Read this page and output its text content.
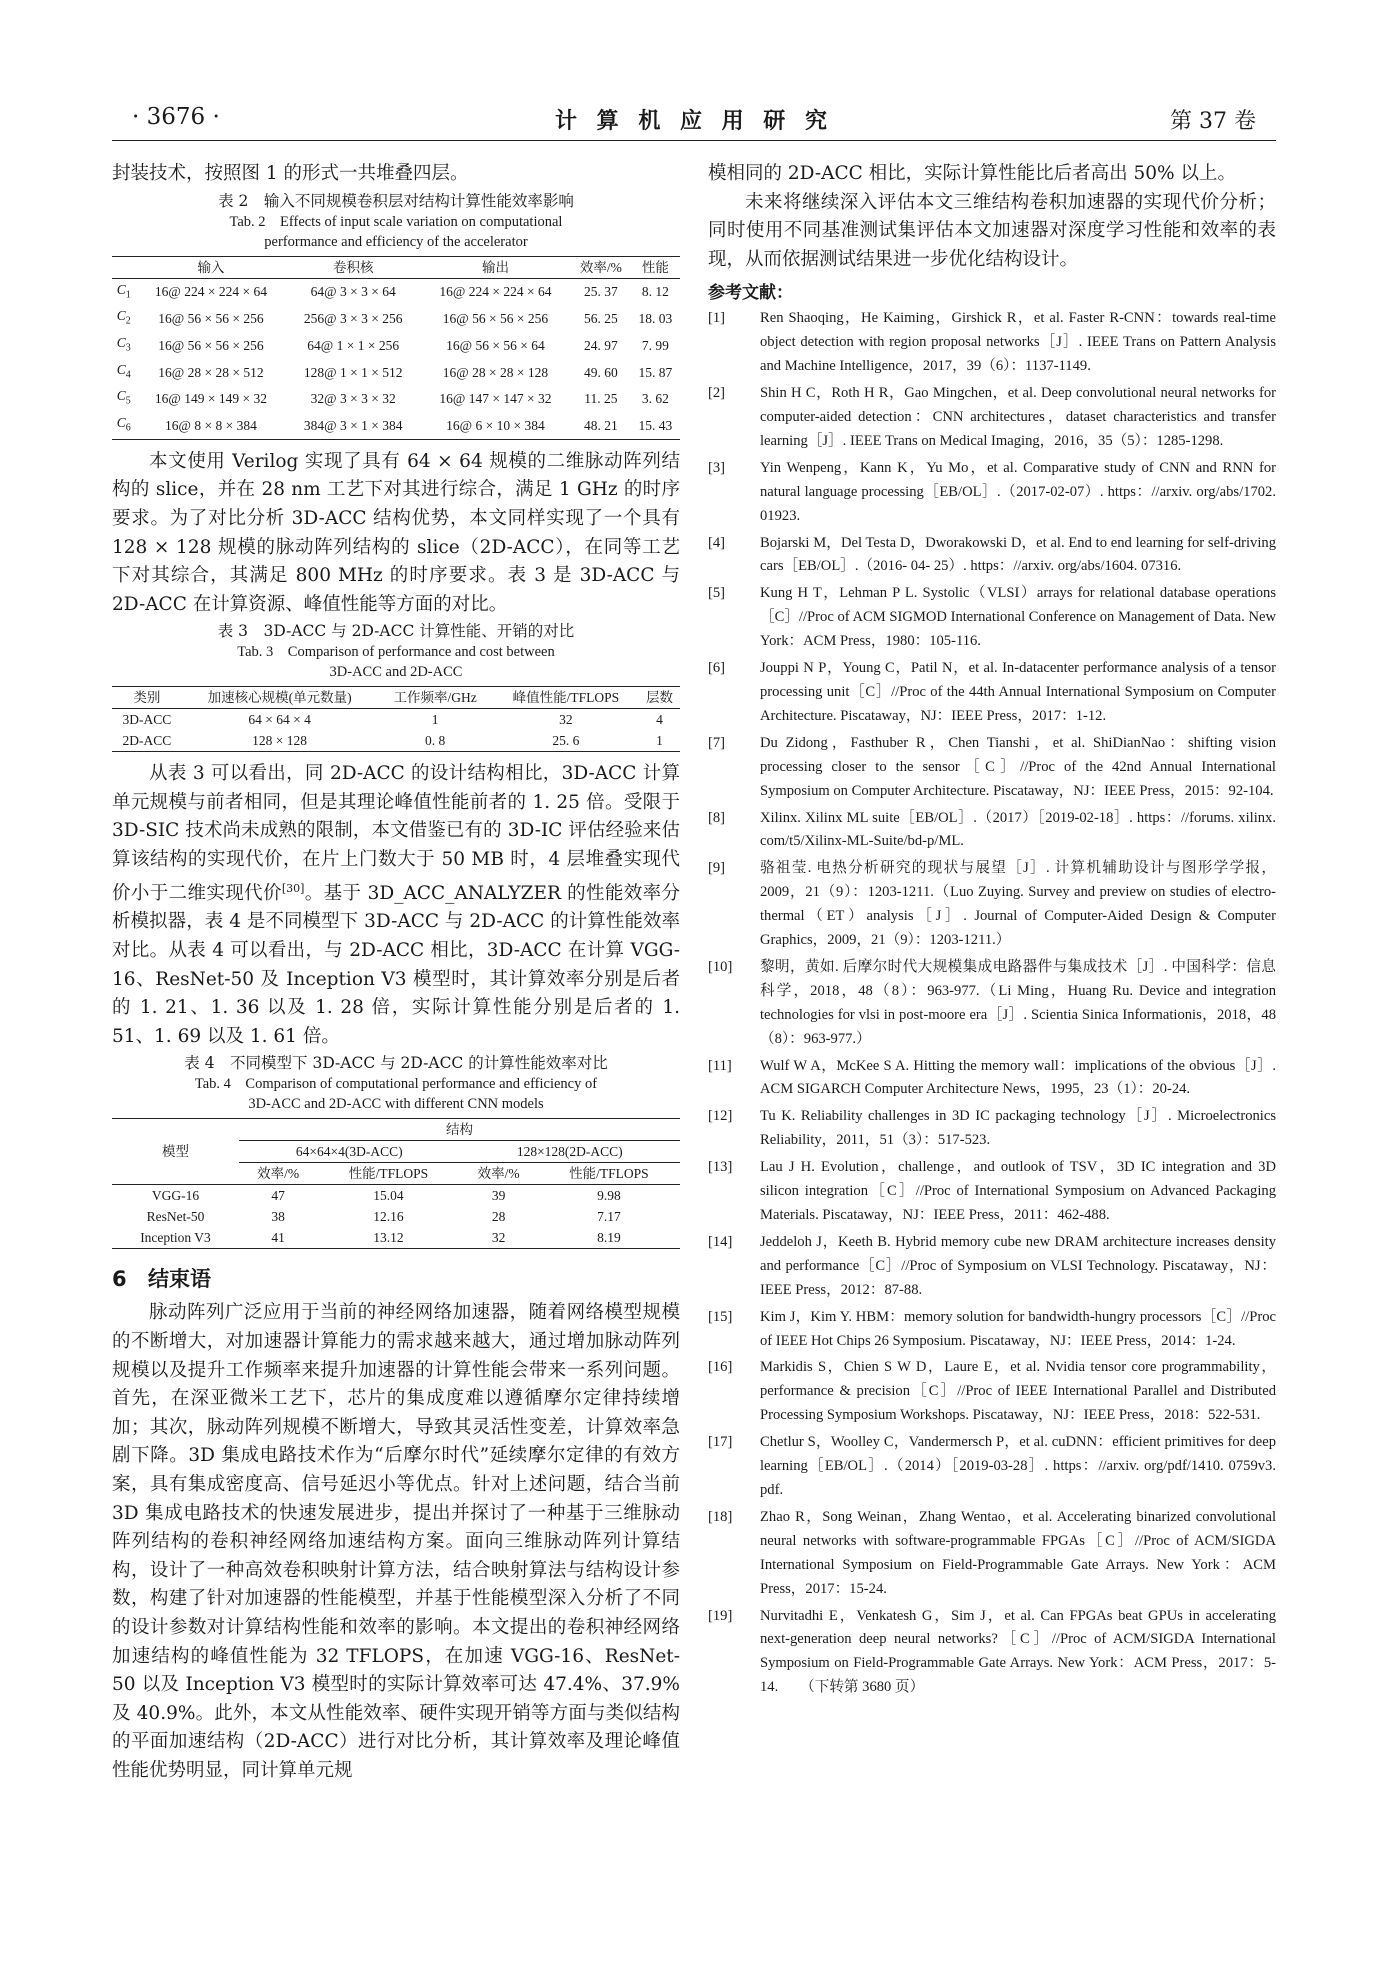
· 3676 ·	计 算 机 应 用 研 究	第 37 卷

封装技术，按照图 1 的形式一共堆叠四层。

表 2　输入不同规模卷积层对结构计算性能效率影响
Tab. 2　Effects of input scale variation on computational
performance and efficiency of the accelerator
	输入	卷积核	输出	效率/%	性能
$C_1$	16@ 224 × 224 × 64	64@ 3 × 3 × 64	16@ 224 × 224 × 64	25. 37	8. 12
$C_2$	16@ 56 × 56 × 256	256@ 3 × 3 × 256	16@ 56 × 56 × 256	56. 25	18. 03
$C_3$	16@ 56 × 56 × 256	64@ 1 × 1 × 256	16@ 56 × 56 × 64	24. 97	7. 99
$C_4$	16@ 28 × 28 × 512	128@ 1 × 1 × 512	16@ 28 × 28 × 128	49. 60	15. 87
$C_5$	16@ 149 × 149 × 32	32@ 3 × 3 × 32	16@ 147 × 147 × 32	11. 25	3. 62
$C_6$	16@ 8 × 8 × 384	384@ 3 × 1 × 384	16@ 6 × 10 × 384	48. 21	15. 43

本文使用 Verilog 实现了具有 64 × 64 规模的二维脉动阵列结构的 slice，并在 28 nm 工艺下对其进行综合，满足 1 GHz 的时序要求。为了对比分析 3D-ACC 结构优势，本文同样实现了一个具有 128 × 128 规模的脉动阵列结构的 slice（2D-ACC），在同等工艺下对其综合，其满足 800 MHz 的时序要求。表 3 是 3D-ACC 与 2D-ACC 在计算资源、峰值性能等方面的对比。

表 3　3D-ACC 与 2D-ACC 计算性能、开销的对比
Tab. 3　Comparison of performance and cost between
3D-ACC and 2D-ACC
类别	加速核心规模(单元数量)	工作频率/GHz	峰值性能/TFLOPS	层数
3D-ACC	64 × 64 × 4	1	32	4
2D-ACC	128 × 128	0. 8	25. 6	1

从表 3 可以看出，同 2D-ACC 的设计结构相比，3D-ACC 计算单元规模与前者相同，但是其理论峰值性能前者的 1. 25 倍。受限于 3D-SIC 技术尚未成熟的限制，本文借鉴已有的 3D-IC 评估经验来估算该结构的实现代价，在片上门数大于 50 MB 时，4 层堆叠实现代价小于二维实现代价[30]。基于 3D_ACC_ANALYZER 的性能效率分析模拟器，表 4 是不同模型下 3D-ACC 与 2D-ACC 的计算性能效率对比。从表 4 可以看出，与 2D-ACC 相比，3D-ACC 在计算 VGG-16、ResNet-50 及 Inception V3 模型时，其计算效率分别是后者的 1. 21、1. 36 以及 1. 28 倍，实际计算性能分别是后者的 1. 51、1. 69 以及 1. 61 倍。

表 4　不同模型下 3D-ACC 与 2D-ACC 的计算性能效率对比
Tab. 4　Comparison of computational performance and efficiency of
3D-ACC and 2D-ACC with different CNN models
模型	结构			
	64×64×4(3D-ACC)		128×128(2D-ACC)	
	效率/%	性能/TFLOPS	效率/%	性能/TFLOPS
VGG-16	47	15.04	39	9.98
ResNet-50	38	12.16	28	7.17
Inception V3	41	13.12	32	8.19
6 结束语

脉动阵列广泛应用于当前的神经网络加速器，随着网络模型规模的不断增大，对加速器计算能力的需求越来越大，通过增加脉动阵列规模以及提升工作频率来提升加速器的计算性能会带来一系列问题。首先，在深亚微米工艺下，芯片的集成度难以遵循摩尔定律持续增加；其次，脉动阵列规模不断增大，导致其灵活性变差，计算效率急剧下降。3D 集成电路技术作为“后摩尔时代”延续摩尔定律的有效方案，具有集成密度高、信号延迟小等优点。针对上述问题，结合当前 3D 集成电路技术的快速发展进步，提出并探讨了一种基于三维脉动阵列结构的卷积神经网络加速结构方案。面向三维脉动阵列计算结构，设计了一种高效卷积映射计算方法，结合映射算法与结构设计参数，构建了针对加速器的性能模型，并基于性能模型深入分析了不同的设计参数对计算结构性能和效率的影响。本文提出的卷积神经网络加速结构的峰值性能为 32 TFLOPS，在加速 VGG-16、ResNet-50 以及 Inception V3 模型时的实际计算效率可达 47.4%、37.9% 及 40.9%。此外，本文从性能效率、硬件实现开销等方面与类似结构的平面加速结构（2D-ACC）进行对比分析，其计算效率及理论峰值性能优势明显，同计算单元规

模相同的 2D-ACC 相比，实际计算性能比后者高出 50% 以上。

未来将继续深入评估本文三维结构卷积加速器的实现代价分析；同时使用不同基准测试集评估本文加速器对深度学习性能和效率的表现，从而依据测试结果进一步优化结构设计。

参考文献：
[1]	Ren Shaoqing，He Kaiming，Girshick R，et al. Faster R-CNN：towards real-time object detection with region proposal networks［J］. IEEE Trans on Pattern Analysis and Machine Intelligence，2017，39（6）：1137-1149.
[2]	Shin H C，Roth H R，Gao Mingchen，et al. Deep convolutional neural networks for computer-aided detection：CNN architectures，dataset characteristics and transfer learning［J］. IEEE Trans on Medical Imaging，2016，35（5）：1285-1298.
[3]	Yin Wenpeng，Kann K，Yu Mo，et al. Comparative study of CNN and RNN for natural language processing［EB/OL］.（2017-02-07）. https：//arxiv. org/abs/1702. 01923.
[4]	Bojarski M，Del Testa D，Dworakowski D，et al. End to end learning for self-driving cars［EB/OL］.（2016- 04- 25）. https：//arxiv. org/abs/1604. 07316.
[5]	Kung H T，Lehman P L. Systolic（VLSI）arrays for relational database operations［C］//Proc of ACM SIGMOD International Conference on Management of Data. New York：ACM Press，1980：105-116.
[6]	Jouppi N P，Young C，Patil N，et al. In-datacenter performance analysis of a tensor processing unit［C］//Proc of the 44th Annual International Symposium on Computer Architecture. Piscataway，NJ：IEEE Press，2017：1-12.
[7]	Du Zidong，Fasthuber R，Chen Tianshi，et al. ShiDianNao：shifting vision processing closer to the sensor［C］//Proc of the 42nd Annual International Symposium on Computer Architecture. Piscataway，NJ：IEEE Press，2015：92-104.
[8]	Xilinx. Xilinx ML suite［EB/OL］.（2017）［2019-02-18］. https：//forums. xilinx. com/t5/Xilinx-ML-Suite/bd-p/ML.
[9]	骆祖莹. 电热分析研究的现状与展望［J］. 计算机辅助设计与图形学学报，2009，21（9）：1203-1211.（Luo Zuying. Survey and preview on studies of electro-thermal（ET）analysis［J］. Journal of Computer-Aided Design & Computer Graphics，2009，21（9）：1203-1211.）
[10]	黎明，黄如. 后摩尔时代大规模集成电路器件与集成技术［J］. 中国科学：信息科学，2018，48（8）：963-977.（Li Ming，Huang Ru. Device and integration technologies for vlsi in post-moore era［J］. Scientia Sinica Informationis，2018，48（8）：963-977.）
[11]	Wulf W A，McKee S A. Hitting the memory wall：implications of the obvious［J］. ACM SIGARCH Computer Architecture News，1995，23（1）：20-24.
[12]	Tu K. Reliability challenges in 3D IC packaging technology［J］. Microelectronics Reliability，2011，51（3）：517-523.
[13]	Lau J H. Evolution，challenge，and outlook of TSV，3D IC integration and 3D silicon integration［C］//Proc of International Symposium on Advanced Packaging Materials. Piscataway，NJ：IEEE Press，2011：462-488.
[14]	Jeddeloh J，Keeth B. Hybrid memory cube new DRAM architecture increases density and performance［C］//Proc of Symposium on VLSI Technology. Piscataway，NJ：IEEE Press，2012：87-88.
[15]	Kim J，Kim Y. HBM：memory solution for bandwidth-hungry processors［C］//Proc of IEEE Hot Chips 26 Symposium. Piscataway，NJ：IEEE Press，2014：1-24.
[16]	Markidis S，Chien S W D，Laure E，et al. Nvidia tensor core programmability，performance & precision［C］//Proc of IEEE International Parallel and Distributed Processing Symposium Workshops. Piscataway，NJ：IEEE Press，2018：522-531.
[17]	Chetlur S，Woolley C，Vandermersch P，et al. cuDNN：efficient primitives for deep learning［EB/OL］.（2014）［2019-03-28］. https：//arxiv. org/pdf/1410. 0759v3. pdf.
[18]	Zhao R，Song Weinan，Zhang Wentao，et al. Accelerating binarized convolutional neural networks with software-programmable FPGAs［C］//Proc of ACM/SIGDA International Symposium on Field-Programmable Gate Arrays. New York：ACM Press，2017：15-24.
[19]	Nurvitadhi E，Venkatesh G，Sim J，et al. Can FPGAs beat GPUs in accelerating next-generation deep neural networks?［C］//Proc of ACM/SIGDA International Symposium on Field-Programmable Gate Arrays. New York：ACM Press，2017：5-14.　　（下转第 3680 页）
